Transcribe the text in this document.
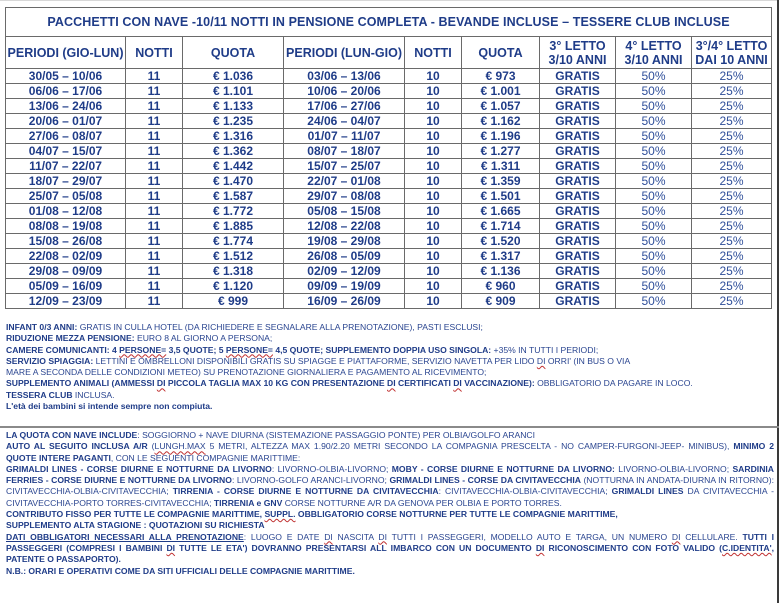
PACCHETTI CON NAVE -10/11 NOTTI IN PENSIONE COMPLETA - BEVANDE INCLUSE – TESSERE CLUB INCLUSE								
PERIODI (GIO-LUN)	NOTTI	QUOTA	PERIODI (LUN-GIO)	NOTTI	QUOTA	3° LETTO 3/10 ANNI	4° LETTO 3/10 ANNI	3°/4° LETTO DAI 10 ANNI
30/05 – 10/06	11	€ 1.036	03/06 – 13/06	10	€ 973	GRATIS	50%	25%
06/06 – 17/06	11	€ 1.101	10/06 – 20/06	10	€ 1.001	GRATIS	50%	25%
13/06 – 24/06	11	€ 1.133	17/06 – 27/06	10	€ 1.057	GRATIS	50%	25%
20/06 – 01/07	11	€ 1.235	24/06 – 04/07	10	€ 1.162	GRATIS	50%	25%
27/06 – 08/07	11	€ 1.316	01/07 – 11/07	10	€ 1.196	GRATIS	50%	25%
04/07 – 15/07	11	€ 1.362	08/07 – 18/07	10	€ 1.277	GRATIS	50%	25%
11/07 – 22/07	11	€ 1.442	15/07 – 25/07	10	€ 1.311	GRATIS	50%	25%
18/07 – 29/07	11	€ 1.470	22/07 – 01/08	10	€ 1.359	GRATIS	50%	25%
25/07 – 05/08	11	€ 1.587	29/07 – 08/08	10	€ 1.501	GRATIS	50%	25%
01/08 – 12/08	11	€ 1.772	05/08 – 15/08	10	€ 1.665	GRATIS	50%	25%
08/08 – 19/08	11	€ 1.885	12/08 – 22/08	10	€ 1.714	GRATIS	50%	25%
15/08 – 26/08	11	€ 1.774	19/08 – 29/08	10	€ 1.520	GRATIS	50%	25%
22/08 – 02/09	11	€ 1.512	26/08 – 05/09	10	€ 1.317	GRATIS	50%	25%
29/08 – 09/09	11	€ 1.318	02/09 – 12/09	10	€ 1.136	GRATIS	50%	25%
05/09 – 16/09	11	€ 1.120	09/09 – 19/09	10	€ 960	GRATIS	50%	25%
12/09 – 23/09	11	€ 999	16/09 – 26/09	10	€ 909	GRATIS	50%	25%
INFANT 0/3 ANNI: GRATIS IN CULLA HOTEL (DA RICHIEDERE E SEGNALARE ALLA PRENOTAZIONE), PASTI ESCLUSI;
RIDUZIONE MEZZA PENSIONE: EURO 8 AL GIORNO A PERSONA;
CAMERE COMUNICANTI: 4 PERSONE= 3,5 QUOTE; 5 PERSONE= 4,5 QUOTE; SUPPLEMENTO DOPPIA USO SINGOLA: +35% IN TUTTI I PERIODI;
SERVIZIO SPIAGGIA: LETTINI E OMBRELLONI DISPONIBILI GRATIS SU SPIAGGE E PIATTAFORME, SERVIZIO NAVETTA PER LIDO DI ORRI' (IN BUS O VIA
MARE A SECONDA DELLE CONDIZIONI METEO) SU PRENOTAZIONE GIORNALIERA E PAGAMENTO AL RICEVIMENTO;
SUPPLEMENTO ANIMALI (AMMESSI DI PICCOLA TAGLIA MAX 10 KG CON PRESENTAZIONE DI CERTIFICATI DI VACCINAZIONE): OBBLIGATORIO DA PAGARE IN LOCO.
TESSERA CLUB INCLUSA.
L'età dei bambini si intende sempre non compiuta.
LA QUOTA CON NAVE INCLUDE: SOGGIORNO + NAVE DIURNA (SISTEMAZIONE PASSAGGIO PONTE) PER OLBIA/GOLFO ARANCI
AUTO AL SEGUITO INCLUSA A/R (LUNGH.MAX 5 METRI, ALTEZZA MAX 1.90/2.20 METRI SECONDO LA COMPAGNIA PRESCELTA - NO CAMPER-FURGONI-JEEP- MINIBUS), MINIMO 2 QUOTE INTERE PAGANTI, CON LE SEGUENTI COMPAGNIE MARITTIME:
GRIMALDI LINES - CORSE DIURNE E NOTTURNE DA LIVORNO: LIVORNO-OLBIA-LIVORNO; MOBY - CORSE DIURNE E NOTTURNE DA LIVORNO: LIVORNO-OLBIA-LIVORNO; SARDINIA FERRIES - CORSE DIURNE E NOTTURNE DA LIVORNO: LIVORNO-GOLFO ARANCI-LIVORNO; GRIMALDI LINES - CORSE DA CIVITAVECCHIA (NOTTURNA IN ANDATA-DIURNA IN RITORNO): CIVITAVECCHIA-OLBIA-CIVITAVECCHIA; TIRRENIA - CORSE DIURNE E NOTTURNE DA CIVITAVECCHIA: CIVITAVECCHIA-OLBIA-CIVITAVECCHIA; GRIMALDI LINES DA CIVITAVECCHIA - CIVITAVECCHIA-PORTO TORRES-CIVITAVECCHIA; TIRRENIA e GNV CORSE NOTTURNE A/R DA GENOVA PER OLBIA E PORTO TORRES.
CONTRIBUTO FISSO PER TUTTE LE COMPAGNIE MARITTIME, SUPPL. OBBLIGATORIO CORSE NOTTURNE PER TUTTE LE COMPAGNIE MARITTIME,
SUPPLEMENTO ALTA STAGIONE : QUOTAZIONI SU RICHIESTA
DATI OBBLIGATORI NECESSARI ALLA PRENOTAZIONE: LUOGO E DATE DI NASCITA DI TUTTI I PASSEGGERI, MODELLO AUTO E TARGA, UN NUMERO DI CELLULARE. TUTTI I PASSEGGERI (COMPRESI I BAMBINI DI TUTTE LE ETA') DOVRANNO PRESENTARSI ALL IMBARCO CON UN DOCUMENTO DI RICONOSCIMENTO CON FOTO VALIDO (C.IDENTITA', PATENTE O PASSAPORTO).
N.B.: ORARI E OPERATIVI COME DA SITI UFFICIALI DELLE COMPAGNIE MARITTIME.
